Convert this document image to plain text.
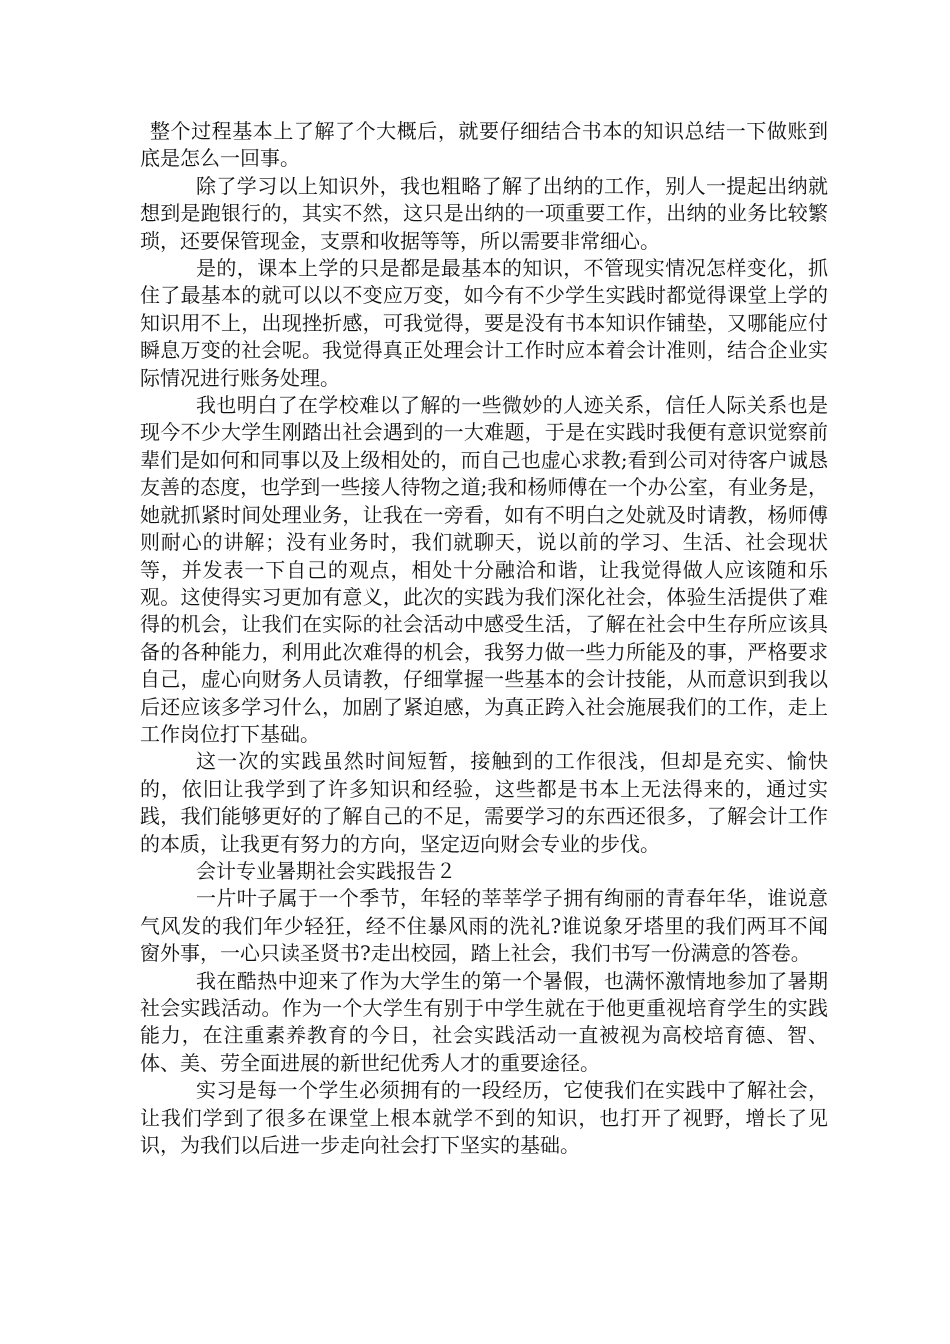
整个过程基本上了解了个大概后，就要仔细结合书本的知识总结一下做账到底是怎么一回事。

除了学习以上知识外，我也粗略了解了出纳的工作，别人一提起出纳就想到是跑银行的，其实不然，这只是出纳的一项重要工作，出纳的业务比较繁琐，还要保管现金，支票和收据等等，所以需要非常细心。

是的，课本上学的只是都是最基本的知识，不管现实情况怎样变化，抓住了最基本的就可以以不变应万变，如今有不少学生实践时都觉得课堂上学的知识用不上，出现挫折感，可我觉得，要是没有书本知识作铺垫，又哪能应付瞬息万变的社会呢。我觉得真正处理会计工作时应本着会计准则，结合企业实际情况进行账务处理。

我也明白了在学校难以了解的一些微妙的人迹关系，信任人际关系也是现今不少大学生刚踏出社会遇到的一大难题，于是在实践时我便有意识觉察前辈们是如何和同事以及上级相处的，而自己也虚心求教;看到公司对待客户诚恳友善的态度，也学到一些接人待物之道;我和杨师傅在一个办公室，有业务是，她就抓紧时间处理业务，让我在一旁看，如有不明白之处就及时请教，杨师傅则耐心的讲解；没有业务时，我们就聊天，说以前的学习、生活、社会现状等，并发表一下自己的观点，相处十分融洽和谐，让我觉得做人应该随和乐观。这使得实习更加有意义，此次的实践为我们深化社会，体验生活提供了难得的机会，让我们在实际的社会活动中感受生活，了解在社会中生存所应该具备的各种能力，利用此次难得的机会，我努力做一些力所能及的事，严格要求自己，虚心向财务人员请教，仔细掌握一些基本的会计技能，从而意识到我以后还应该多学习什么，加剧了紧迫感，为真正跨入社会施展我们的工作，走上工作岗位打下基础。

这一次的实践虽然时间短暂，接触到的工作很浅，但却是充实、愉快的，依旧让我学到了许多知识和经验，这些都是书本上无法得来的，通过实践，我们能够更好的了解自己的不足，需要学习的东西还很多，了解会计工作的本质，让我更有努力的方向，坚定迈向财会专业的步伐。

会计专业暑期社会实践报告２

一片叶子属于一个季节，年轻的莘莘学子拥有绚丽的青春年华，谁说意气风发的我们年少轻狂，经不住暴风雨的洗礼?谁说象牙塔里的我们两耳不闻窗外事，一心只读圣贤书?走出校园，踏上社会，我们书写一份满意的答卷。

我在酷热中迎来了作为大学生的第一个暑假，也满怀激情地参加了暑期社会实践活动。作为一个大学生有别于中学生就在于他更重视培育学生的实践能力，在注重素养教育的今日，社会实践活动一直被视为高校培育德、智、体、美、劳全面进展的新世纪优秀人才的重要途径。

实习是每一个学生必须拥有的一段经历，它使我们在实践中了解社会，让我们学到了很多在课堂上根本就学不到的知识，也打开了视野，增长了见识，为我们以后进一步走向社会打下坚实的基础。
